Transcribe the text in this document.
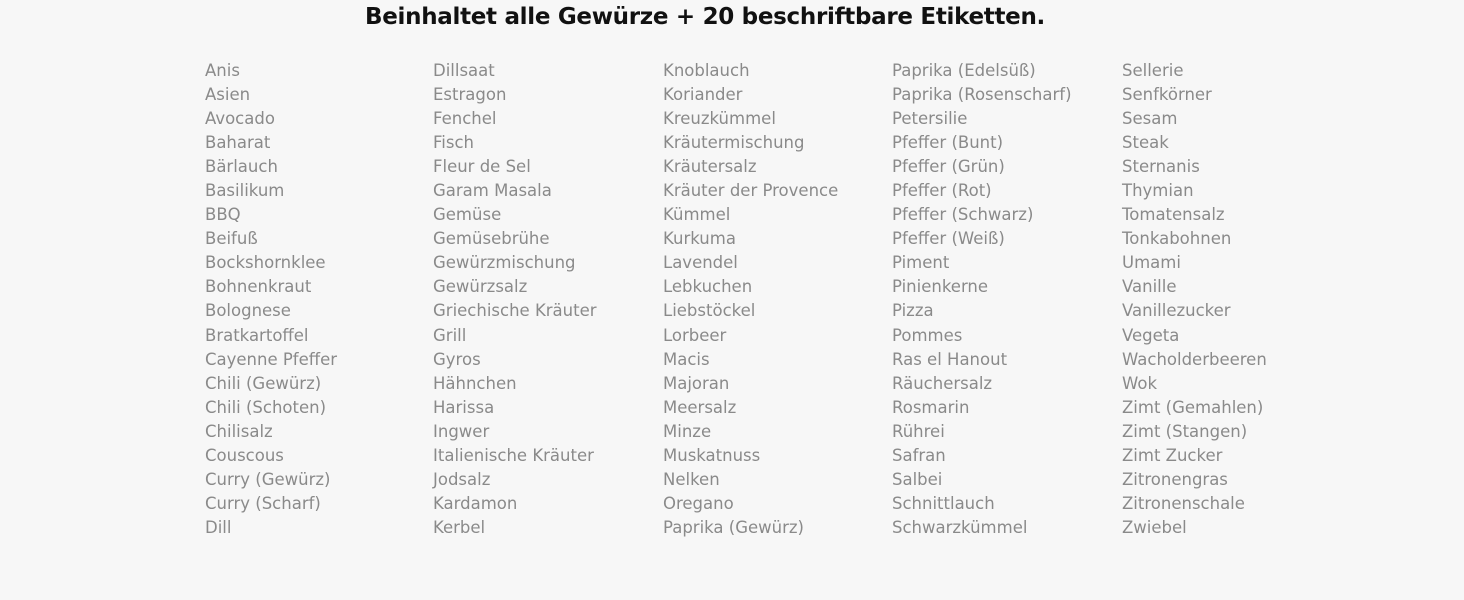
Beinhaltet alle Gewürze + 20 beschriftbare Etiketten.
Anis
Asien
Avocado
Baharat
Bärlauch
Basilikum
BBQ
Beifuß
Bockshornklee
Bohnenkraut
Bolognese
Bratkartoffel
Cayenne Pfeffer
Chili (Gewürz)
Chili (Schoten)
Chilisalz
Couscous
Curry (Gewürz)
Curry (Scharf)
Dill
Dillsaat
Estragon
Fenchel
Fisch
Fleur de Sel
Garam Masala
Gemüse
Gemüsebrühe
Gewürzmischung
Gewürzsalz
Griechische Kräuter
Grill
Gyros
Hähnchen
Harissa
Ingwer
Italienische Kräuter
Jodsalz
Kardamon
Kerbel
Knoblauch
Koriander
Kreuzkümmel
Kräutermischung
Kräutersalz
Kräuter der Provence
Kümmel
Kurkuma
Lavendel
Lebkuchen
Liebstöckel
Lorbeer
Macis
Majoran
Meersalz
Minze
Muskatnuss
Nelken
Oregano
Paprika (Gewürz)
Paprika (Edelsüß)
Paprika (Rosenscharf)
Petersilie
Pfeffer (Bunt)
Pfeffer (Grün)
Pfeffer (Rot)
Pfeffer (Schwarz)
Pfeffer (Weiß)
Piment
Pinienkerne
Pizza
Pommes
Ras el Hanout
Räuchersalz
Rosmarin
Rührei
Safran
Salbei
Schnittlauch
Schwarzkümmel
Sellerie
Senfkörner
Sesam
Steak
Sternanis
Thymian
Tomatensalz
Tonkabohnen
Umami
Vanille
Vanillezucker
Vegeta
Wacholderbeeren
Wok
Zimt (Gemahlen)
Zimt (Stangen)
Zimt Zucker
Zitronengras
Zitronenschale
Zwiebel
